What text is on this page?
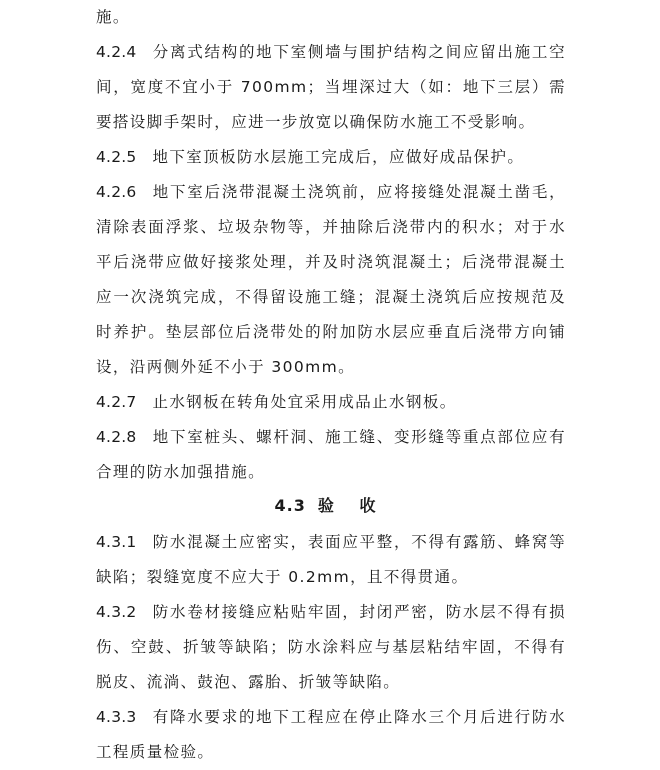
施。

4.2.4 分离式结构的地下室侧墙与围护结构之间应留出施工空间，宽度不宜小于 700mm；当埋深过大（如：地下三层）需要搭设脚手架时，应进一步放宽以确保防水施工不受影响。

4.2.5 地下室顶板防水层施工完成后，应做好成品保护。

4.2.6 地下室后浇带混凝土浇筑前，应将接缝处混凝土凿毛，清除表面浮浆、垃圾杂物等，并抽除后浇带内的积水；对于水平后浇带应做好接浆处理，并及时浇筑混凝土；后浇带混凝土应一次浇筑完成，不得留设施工缝；混凝土浇筑后应按规范及时养护。垫层部位后浇带处的附加防水层应垂直后浇带方向铺设，沿两侧外延不小于 300mm。

4.2.7 止水钢板在转角处宜采用成品止水钢板。

4.2.8 地下室桩头、螺杆洞、施工缝、变形缝等重点部位应有合理的防水加强措施。

4.3 验 收

4.3.1 防水混凝土应密实，表面应平整，不得有露筋、蜂窝等缺陷；裂缝宽度不应大于 0.2mm，且不得贯通。

4.3.2 防水卷材接缝应粘贴牢固，封闭严密，防水层不得有损伤、空鼓、折皱等缺陷；防水涂料应与基层粘结牢固，不得有脱皮、流淌、鼓泡、露胎、折皱等缺陷。

4.3.3 有降水要求的地下工程应在停止降水三个月后进行防水工程质量检验。
